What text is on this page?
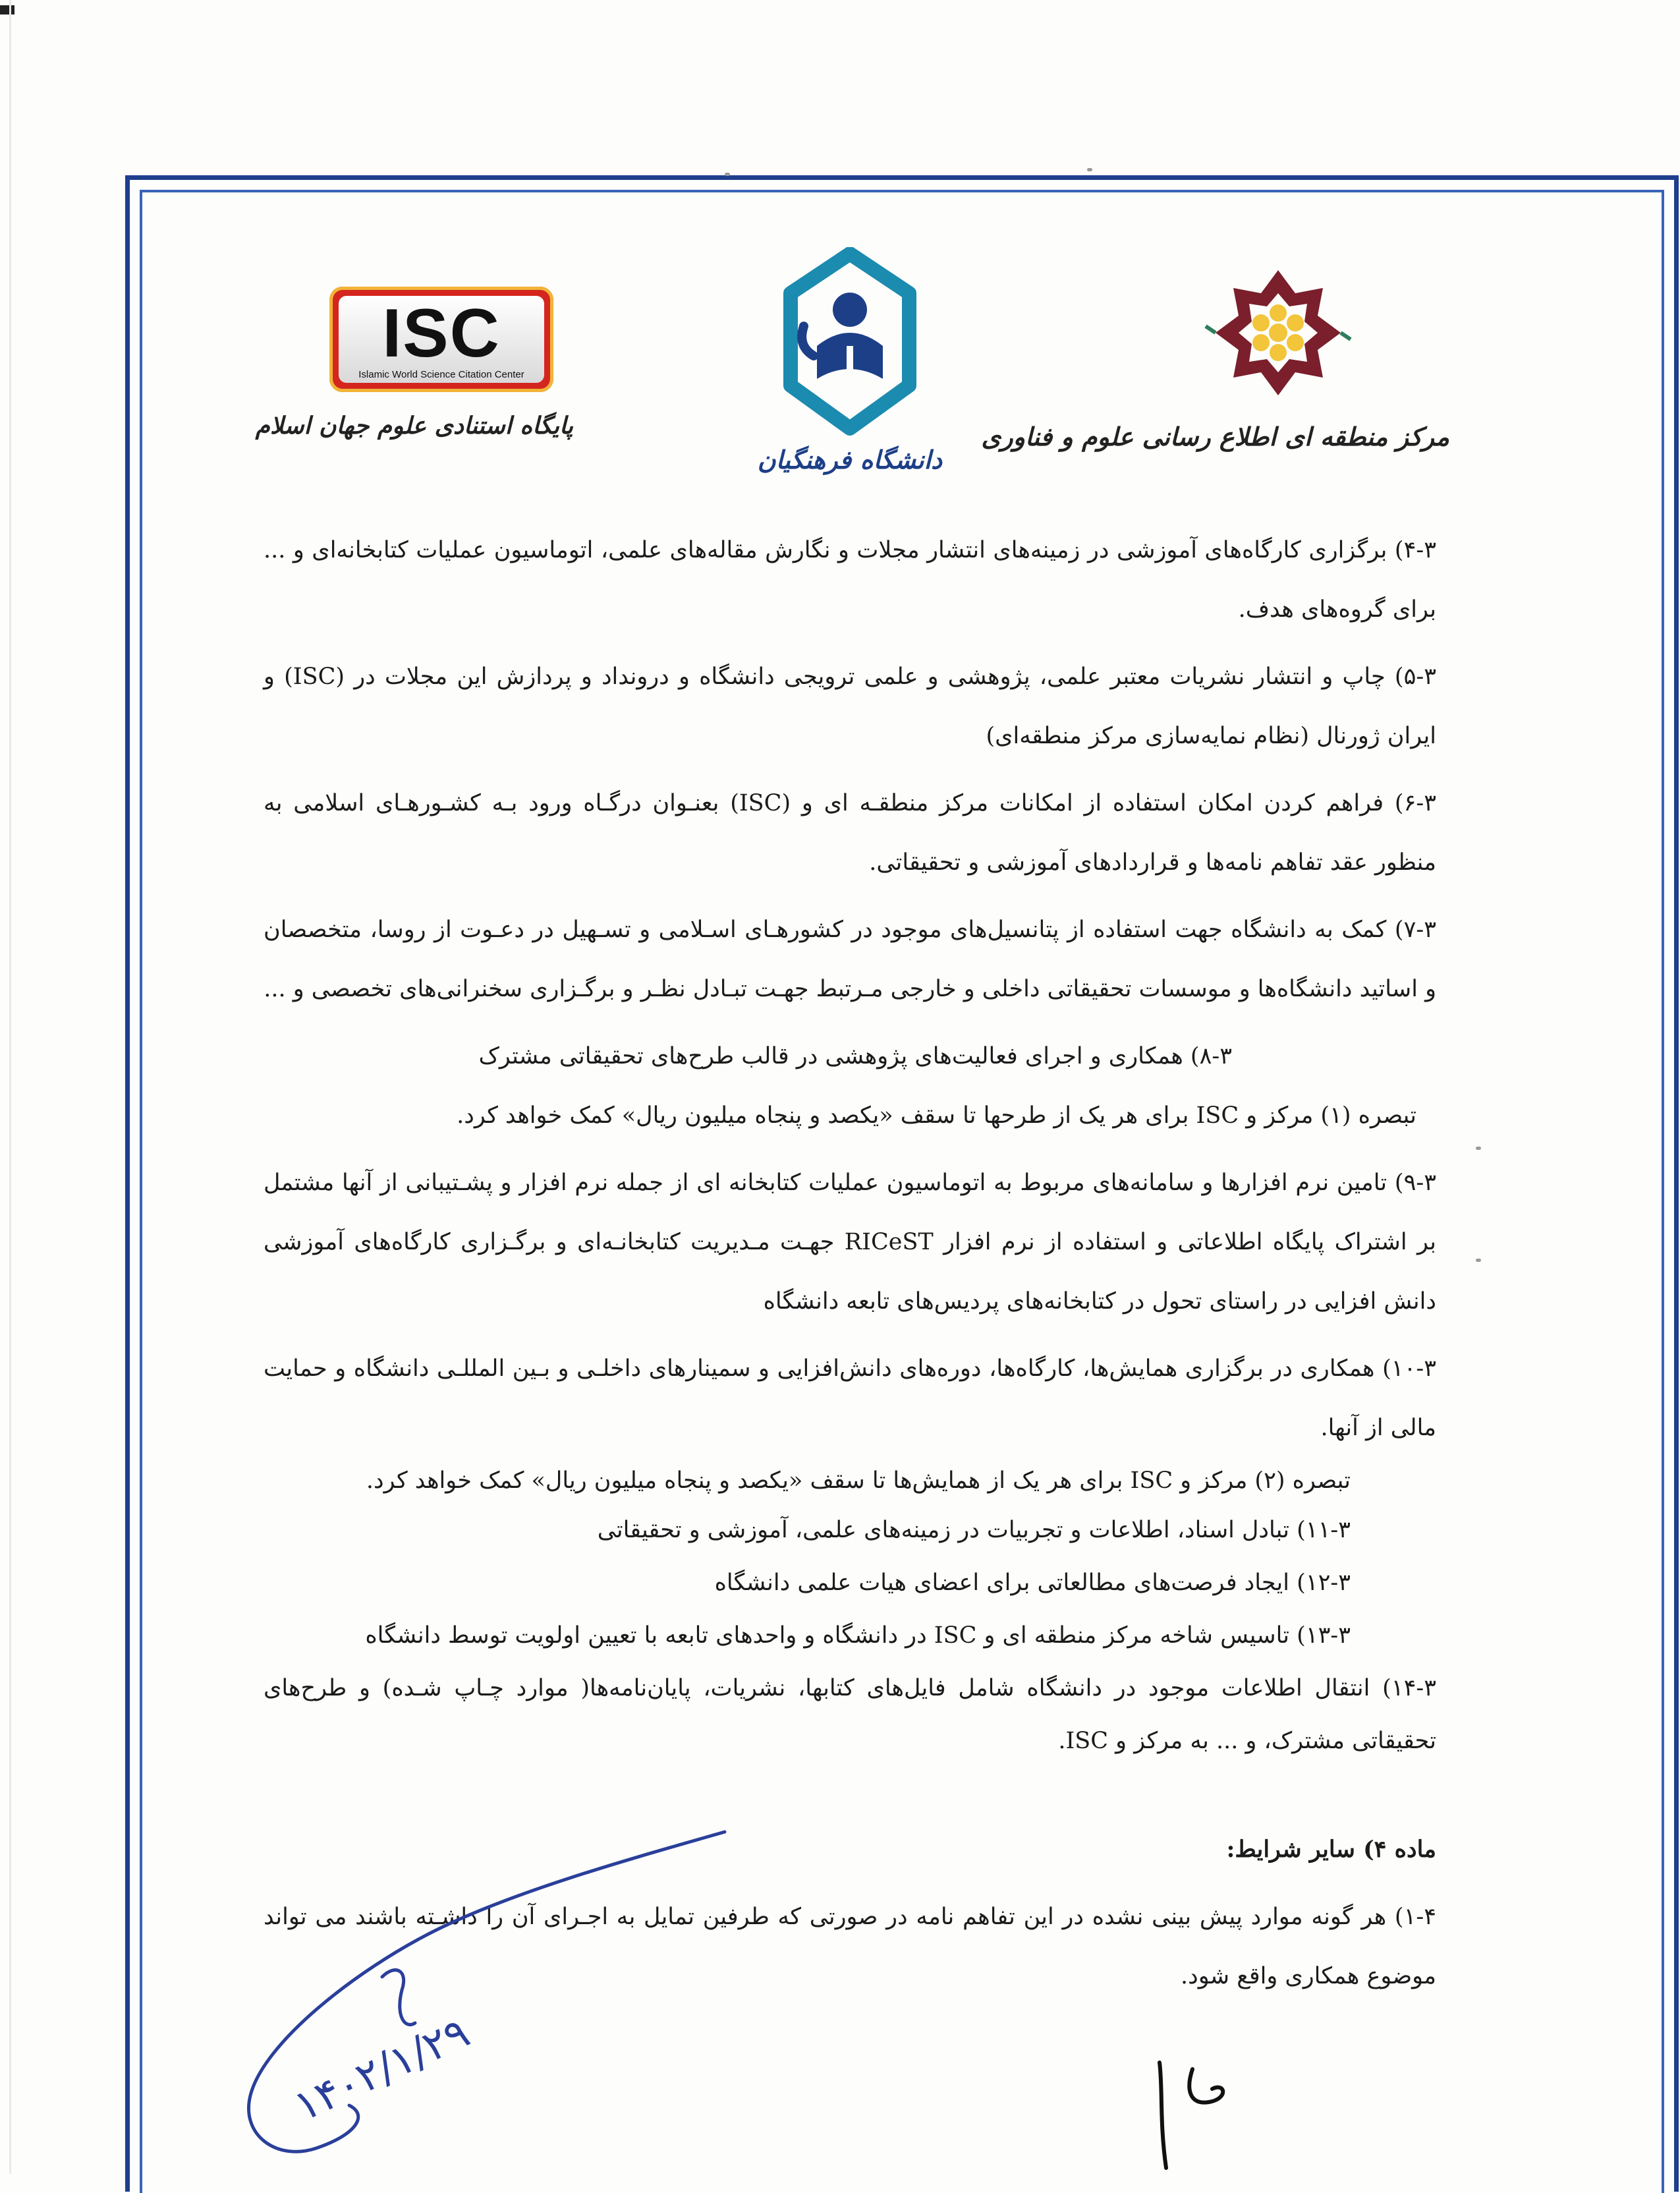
ISC
Islamic World Science Citation Center
پایگاه استنادی علوم جهان اسلام
دانشگاه فرهنگیان
مرکز منطقه ای اطلاع رسانی علوم و فناوری

۴-۳) برگزاری کارگاه‌های آموزشی در زمینه‌های انتشار مجلات و نگارش مقاله‌های علمی، اتوماسیون عملیات کتابخانه‌ای و ... برای گروه‌های هدف.

۵-۳) چاپ و انتشار نشریات معتبر علمی، پژوهشی و علمی ترویجی دانشگاه و درونداد و پردازش این مجلات در (ISC) و ایران ژورنال (نظام نمایه‌سازی مرکز منطقه‌ای)

۶-۳) فراهم کردن امکان استفاده از امکانات مرکز منطقـه ای و (ISC) بعنـوان درگـاه ورود بـه کشـورهـای اسلامی به منظور عقد تفاهم نامه‌ها و قراردادهای آموزشی و تحقیقاتی.

۷-۳) کمک به دانشگاه جهت استفاده از پتانسیل‌های موجود در کشورهـای اسـلامی و تسـهیل در دعـوت از روسا، متخصصان و اساتید دانشگاه‌ها و موسسات تحقیقاتی داخلی و خارجی مـرتبط جهـت تبـادل نظـر و برگـزاری سخنرانی‌های تخصصی و ...

۸-۳) همکاری و اجرای فعالیت‌های پژوهشی در قالب طرح‌های تحقیقاتی مشترک

تبصره (۱) مرکز و ISC برای هر یک از طرحها تا سقف «یکصد و پنجاه میلیون ریال» کمک خواهد کرد.

۹-۳) تامین نرم افزارها و سامانه‌های مربوط به اتوماسیون عملیات کتابخانه ای از جمله نرم افزار و پشـتیبانی از آنها مشتمل بر اشتراک پایگاه اطلاعاتی و استفاده از نرم افزار RICeST جهـت مـدیریت کتابخانـه‌ای و برگـزاری کارگاه‌های آموزشی دانش افزایی در راستای تحول در کتابخانه‌های پردیس‌های تابعه دانشگاه

۱۰-۳) همکاری در برگزاری همایش‌ها، کارگاه‌ها، دوره‌های دانش‌افزایی و سمینارهای داخلـی و بـین المللـی دانشگاه و حمایت مالی از آنها.

تبصره (۲) مرکز و ISC برای هر یک از همایش‌ها تا سقف «یکصد و پنجاه میلیون ریال» کمک خواهد کرد.

۱۱-۳) تبادل اسناد، اطلاعات و تجربیات در زمینه‌های علمی، آموزشی و تحقیقاتی

۱۲-۳) ایجاد فرصت‌های مطالعاتی برای اعضای هیات علمی دانشگاه

۱۳-۳) تاسیس شاخه مرکز منطقه ای و ISC در دانشگاه و واحدهای تابعه با تعیین اولویت توسط دانشگاه

۱۴-۳) انتقال اطلاعات موجود در دانشگاه شامل فایل‌های کتابها، نشریات، پایان‌نامه‌ها( موارد چـاپ شـده) و طرح‌های تحقیقاتی مشترک، و ... به مرکز و ISC.

ماده ۴) سایر شرایط:

۱-۴) هر گونه موارد پیش بینی نشده در این تفاهم نامه در صورتی که طرفین تمایل به اجـرای آن را داشـته باشند می تواند موضوع همکاری واقع شود.

۱۴۰۲/۱/۲۹
